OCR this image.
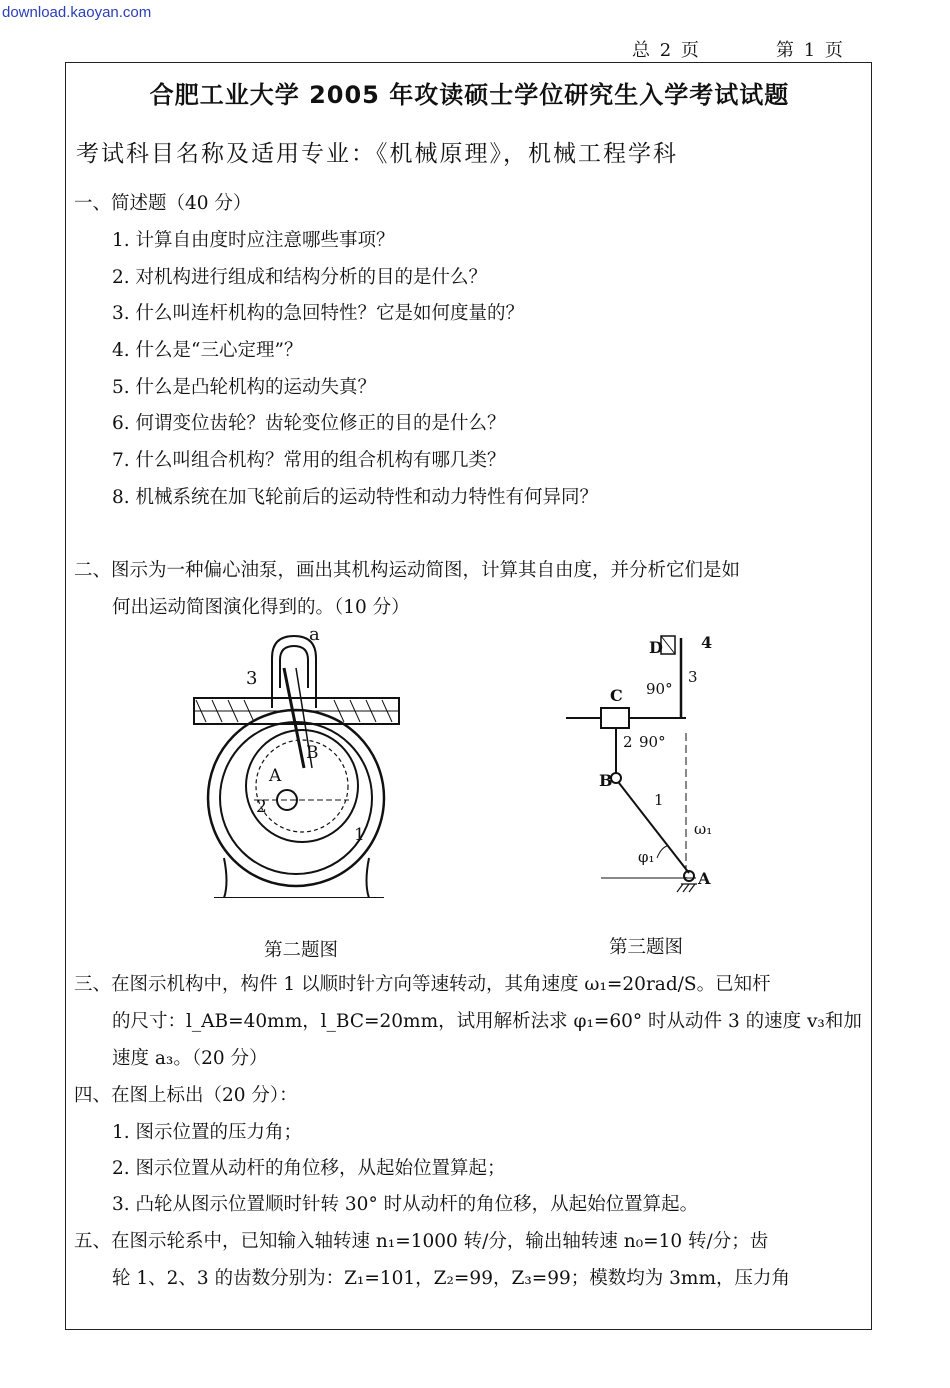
download.kaoyan.com
总 2 页	第 1 页
合肥工业大学 2005 年攻读硕士学位研究生入学考试试题
考试科目名称及适用专业：《机械原理》，机械工程学科
一、简述题（40 分）
1. 计算自由度时应注意哪些事项？
2. 对机构进行组成和结构分析的目的是什么？
3. 什么叫连杆机构的急回特性？它是如何度量的？
4. 什么是“三心定理”？
5. 什么是凸轮机构的运动失真？
6. 何谓变位齿轮？齿轮变位修正的目的是什么？
7. 什么叫组合机构？常用的组合机构有哪几类？
8. 机械系统在加飞轮前后的运动特性和动力特性有何异同？
二、图示为一种偏心油泵，画出其机构运动简图，计算其自由度，并分析它们是如
何出运动简图演化得到的。（10 分）
a
3
A
B
2
1
第二题图
D 4
3
C 90°
2 90°
B
1
ω₁
φ₁
A
第三题图
三、在图示机构中，构件 1 以顺时针方向等速转动，其角速度 ω₁=20rad/S。已知杆
的尺寸：l_AB=40mm，l_BC=20mm，试用解析法求 φ₁=60° 时从动件 3 的速度 v₃和加
速度 a₃。（20 分）
四、在图上标出（20 分）：
1. 图示位置的压力角；
2. 图示位置从动杆的角位移，从起始位置算起；
3. 凸轮从图示位置顺时针转 30° 时从动杆的角位移，从起始位置算起。
五、在图示轮系中，已知输入轴转速 n₁=1000 转/分，输出轴转速 n₀=10 转/分；齿
轮 1、2、3 的齿数分别为：Z₁=101，Z₂=99，Z₃=99；模数均为 3mm，压力角
